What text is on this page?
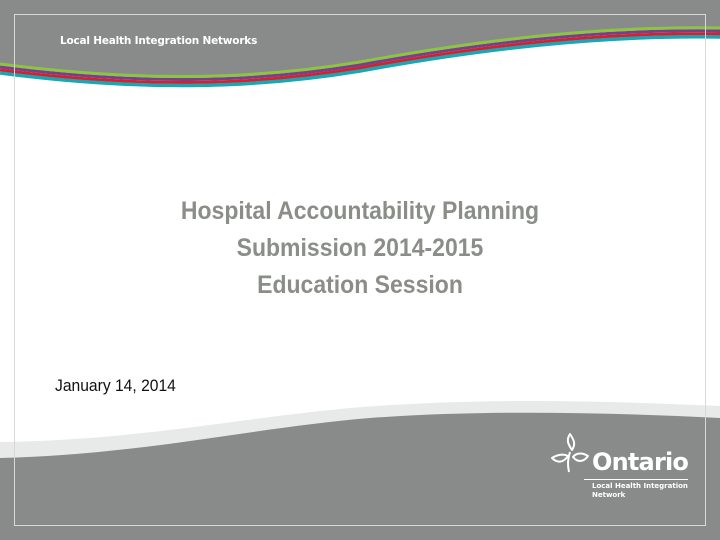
Local Health Integration Networks
Hospital Accountability Planning
Submission 2014-2015
Education Session
January 14, 2014
Ontario
Local Health Integration Network
